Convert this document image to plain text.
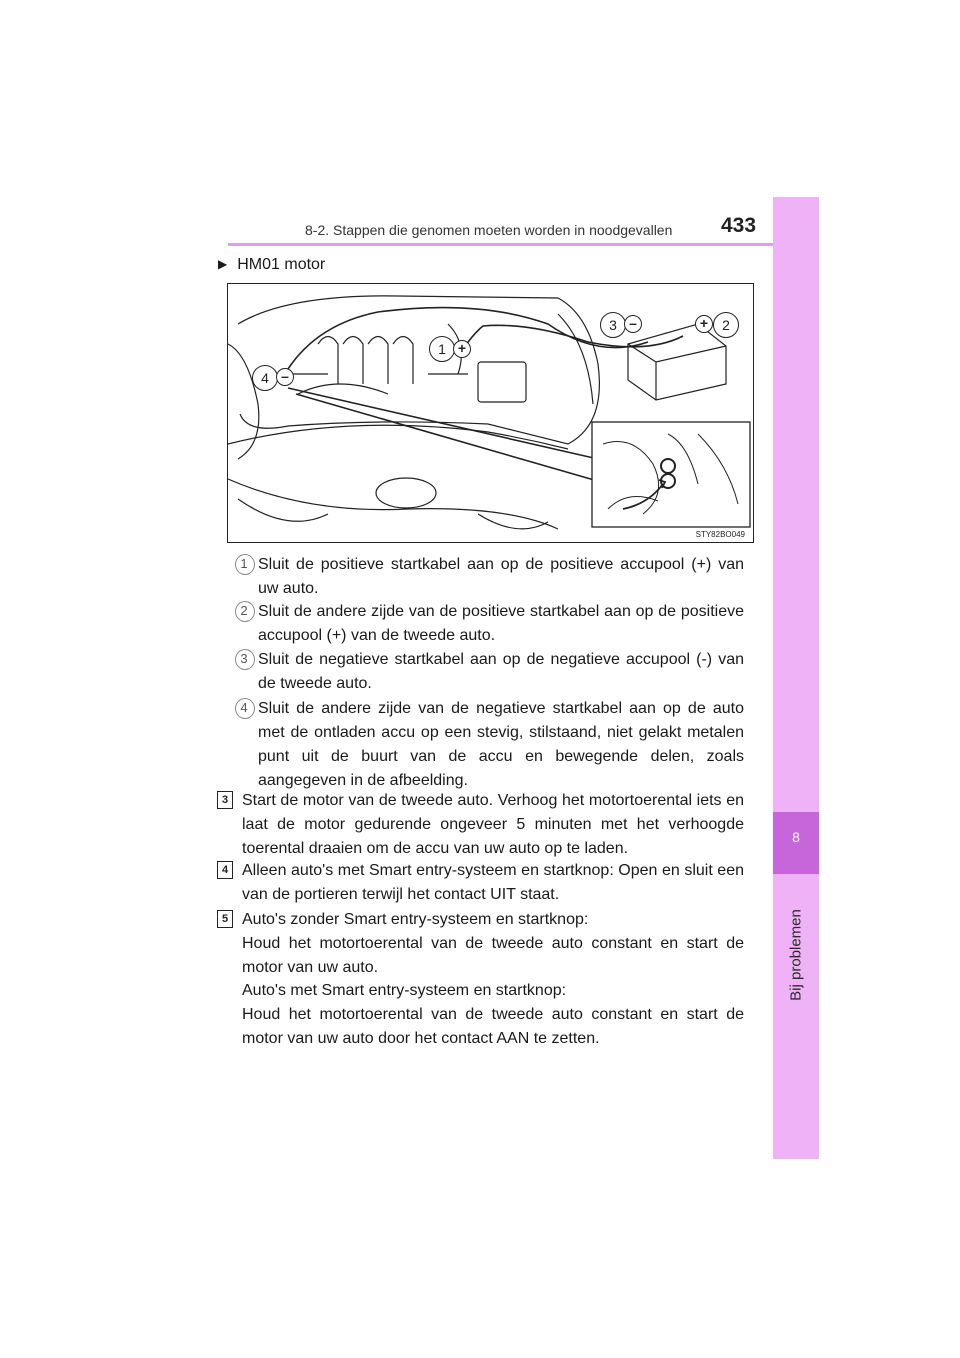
8-2. Stappen die genomen moeten worden in noodgevallen 433
8
Bij problemen
▶ HM01 motor
3 –	+	2
1 +
4 –
STY82BO049
1 Sluit de positieve startkabel aan op de positieve accupool (+) van uw auto.
2 Sluit de andere zijde van de positieve startkabel aan op de positieve accupool (+) van de tweede auto.
3 Sluit de negatieve startkabel aan op de negatieve accupool (-) van de tweede auto.
4 Sluit de andere zijde van de negatieve startkabel aan op de auto met de ontladen accu op een stevig, stilstaand, niet gelakt metalen punt uit de buurt van de accu en bewegende delen, zoals aangegeven in de afbeelding.
3 Start de motor van de tweede auto. Verhoog het motortoerental iets en laat de motor gedurende ongeveer 5 minuten met het verhoogde toerental draaien om de accu van uw auto op te laden.
4 Alleen auto's met Smart entry-systeem en startknop: Open en sluit een van de portieren terwijl het contact UIT staat.
5 Auto's zonder Smart entry-systeem en startknop:
Houd het motortoerental van de tweede auto constant en start de motor van uw auto.
Auto's met Smart entry-systeem en startknop:
Houd het motortoerental van de tweede auto constant en start de motor van uw auto door het contact AAN te zetten.
